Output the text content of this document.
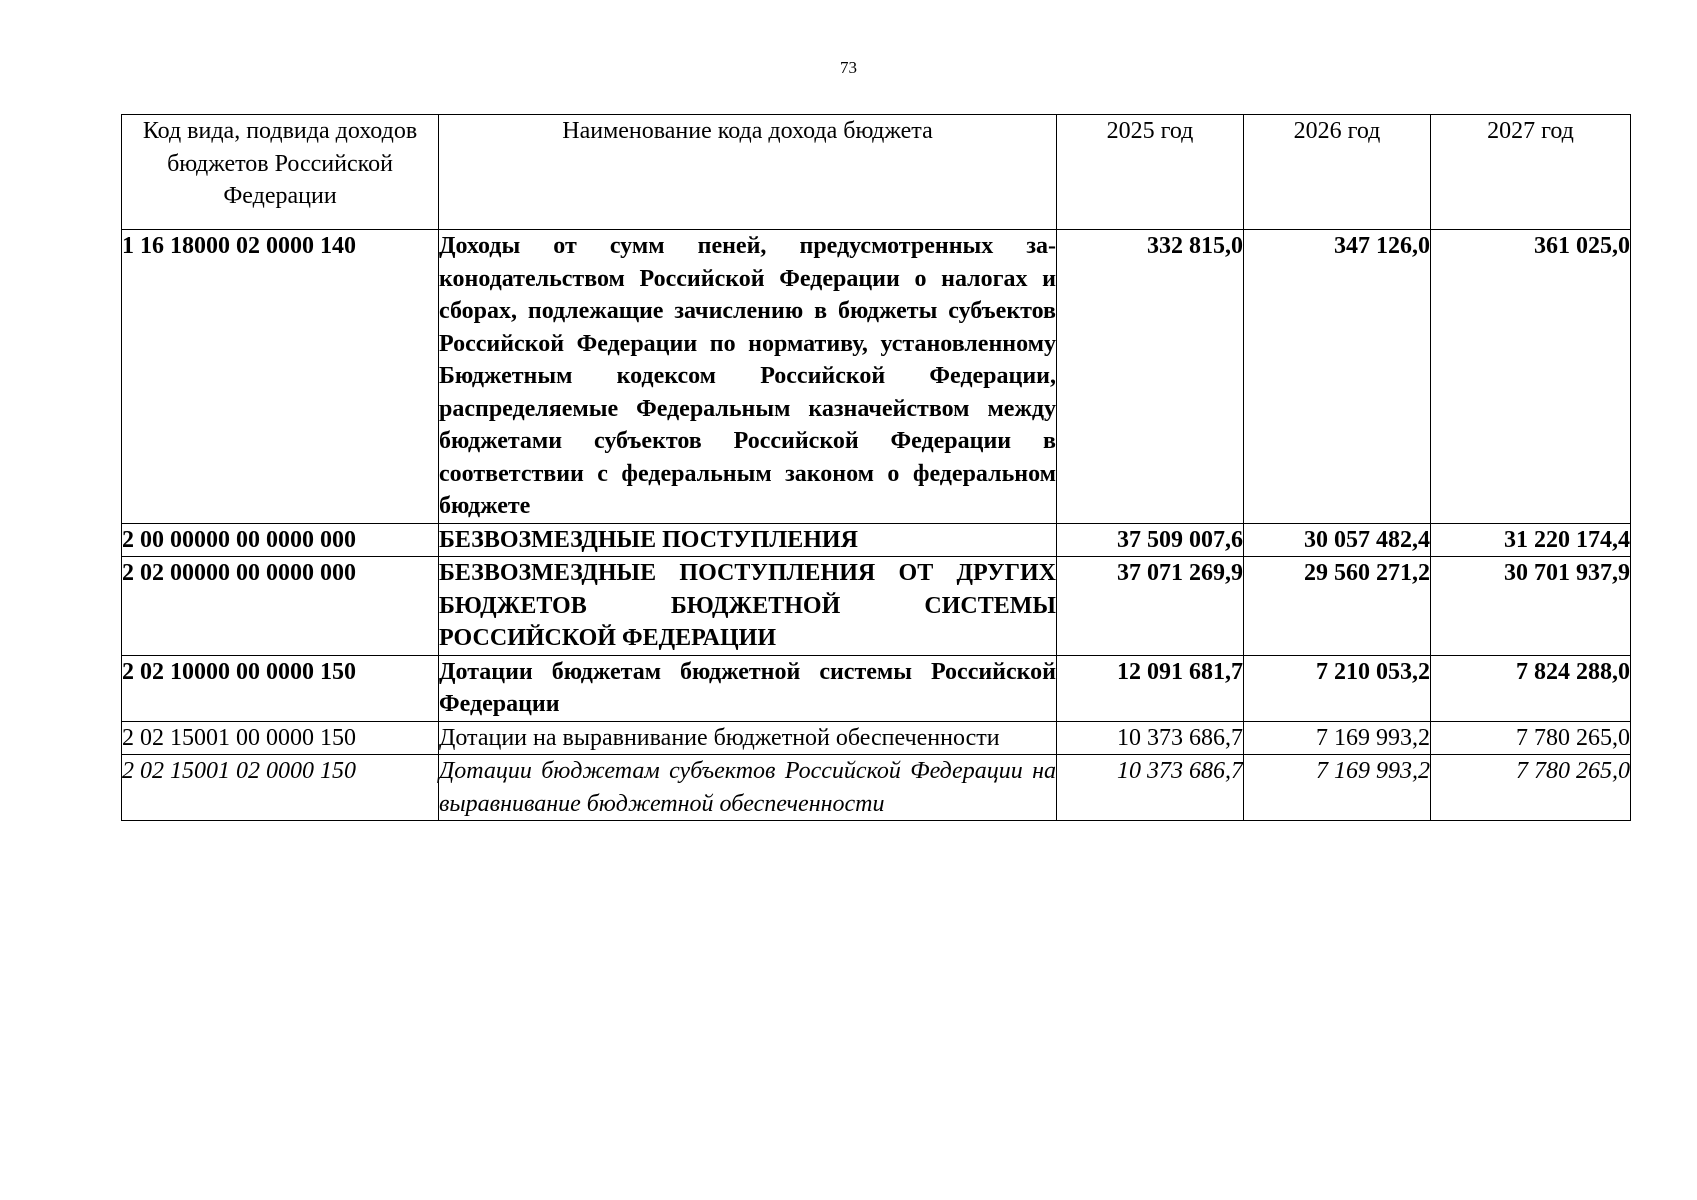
73
Код вида, подвида доходов бюджетов Российской Федерации	Наименование кода дохода бюджета	2025 год	2026 год	2027 год
1 16 18000 02 0000 140	Доходы от сумм пеней, предусмотренных законодательством Российской Федерации о налогах и сборах, подлежащие зачислению в бюджеты субъектов Российской Федерации по нормативу, установленному Бюджетным кодексом Российской Федерации, распределяемые Федеральным казначейством между бюджетами субъектов Российской Федерации в соответствии с федеральным законом о федеральном бюджете	332 815,0	347 126,0	361 025,0
2 00 00000 00 0000 000	БЕЗВОЗМЕЗДНЫЕ ПОСТУПЛЕНИЯ	37 509 007,6	30 057 482,4	31 220 174,4
2 02 00000 00 0000 000	БЕЗВОЗМЕЗДНЫЕ ПОСТУПЛЕНИЯ ОТ ДРУГИХ БЮДЖЕТОВ БЮДЖЕТНОЙ СИСТЕМЫ РОССИЙСКОЙ ФЕДЕРАЦИИ	37 071 269,9	29 560 271,2	30 701 937,9
2 02 10000 00 0000 150	Дотации бюджетам бюджетной системы Российской Федерации	12 091 681,7	7 210 053,2	7 824 288,0
2 02 15001 00 0000 150	Дотации на выравнивание бюджетной обеспеченности	10 373 686,7	7 169 993,2	7 780 265,0
2 02 15001 02 0000 150	Дотации бюджетам субъектов Российской Федерации на выравнивание бюджетной обеспеченности	10 373 686,7	7 169 993,2	7 780 265,0
